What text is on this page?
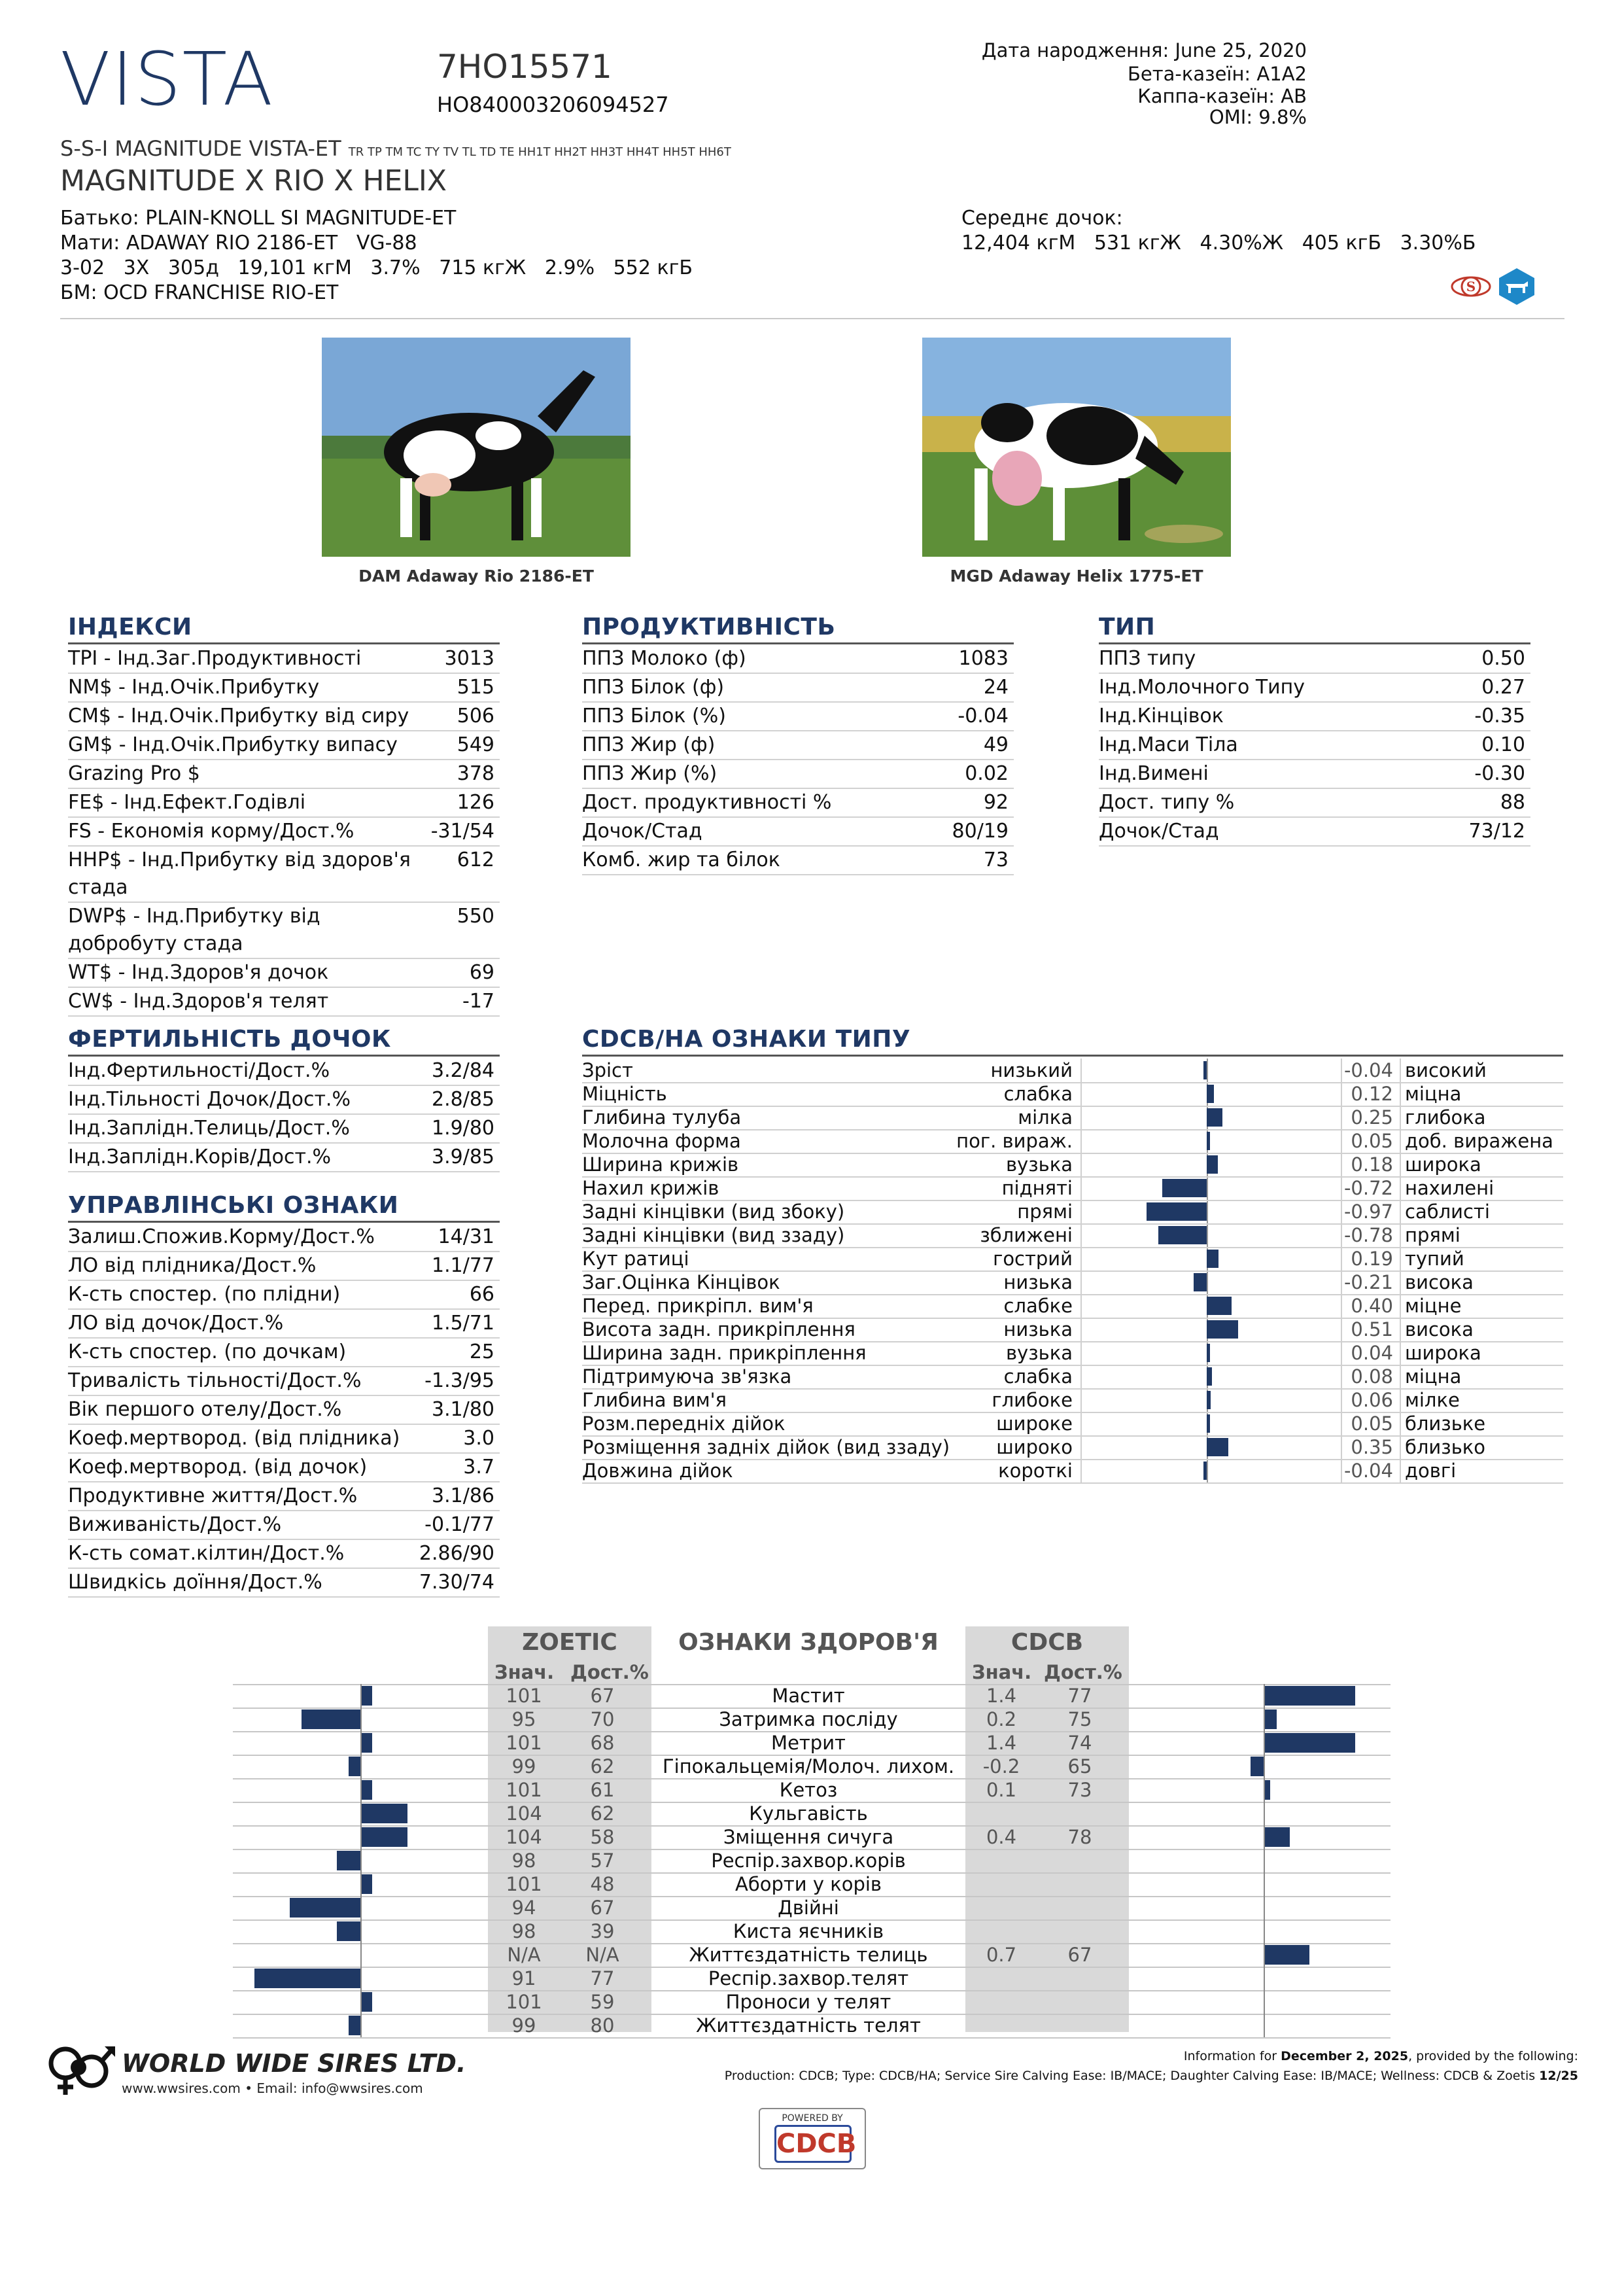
VISTA	7HO15571
HO840003206094527
Дата народження: June 25, 2020
Бета-казеїн: A1A2
Каппа-казеїн: AB
OMI: 9.8%
S-S-I MAGNITUDE VISTA-ET TR TP TM TC TY TV TL TD TE HH1T HH2T HH3T HH4T HH5T HH6T
MAGNITUDE X RIO X HELIX
Батько: PLAIN-KNOLL SI MAGNITUDE-ET
Мати: ADAWAY RIO 2186-ET   VG-88
3-02   3X   305д   19,101 кгМ   3.7%   715 кгЖ   2.9%   552 кгБ
БМ: OCD FRANCHISE RIO-ET
Середнє дочок:
12,404 кгМ   531 кгЖ   4.30%Ж   405 кгБ   3.30%Б
S
DAM Adaway Rio 2186-ET	MGD Adaway Helix 1775-ET
ІНДЕКСИ
TPI - Інд.Заг.Продуктивності	3013
NM$ - Інд.Очік.Прибутку	515
CM$ - Інд.Очік.Прибутку від сиру	506
GM$ - Інд.Очік.Прибутку випасу	549
Grazing Pro $	378
FE$ - Інд.Ефект.Годівлі	126
FS - Економія корму/Дост.%	-31/54
HHP$ - Інд.Прибутку від здоров'я стада
612
DWP$ - Інд.Прибутку від добробуту стада
550
WT$ - Інд.Здоров'я дочок	69
CW$ - Інд.Здоров'я телят	-17
ПРОДУКТИВНІСТЬ
ППЗ Молоко (ф)	1083
ППЗ Білок (ф)	24
ППЗ Білок (%)	-0.04
ППЗ Жир (ф)	49
ППЗ Жир (%)	0.02
Дост. продуктивності %	92
Дочок/Стад	80/19
Комб. жир та білок	73
ТИП
ППЗ типу	0.50
Інд.Молочного Типу	0.27
Інд.Кінцівок	-0.35
Інд.Маси Тіла	0.10
Інд.Вимені	-0.30
Дост. типу %	88
Дочок/Стад	73/12
ФЕРТИЛЬНІСТЬ ДОЧОК
Інд.Фертильності/Дост.%	3.2/84
Інд.Тільності Дочок/Дост.%	2.8/85
Інд.Заплідн.Телиць/Дост.%	1.9/80
Інд.Заплідн.Корів/Дост.%	3.9/85
УПРАВЛІНСЬКІ ОЗНАКИ
Залиш.Спожив.Корму/Дост.%	14/31
ЛО від плідника/Дост.%	1.1/77
К-сть спостер. (по плідни)	66
ЛО від дочок/Дост.%	1.5/71
К-сть спостер. (по дочкам)	25
Тривалість тільності/Дост.%	-1.3/95
Вік першого отелу/Дост.%	3.1/80
Коеф.мертвород. (від плідника)	3.0
Коеф.мертвород. (від дочок)	3.7
Продуктивне життя/Дост.%	3.1/86
Виживаність/Дост.%	-0.1/77
К-сть сомат.кілтин/Дост.%	2.86/90
Швидкісь доїння/Дост.%	7.30/74
CDCB/НА ОЗНАКИ ТИПУ
Зріст	низький	-0.04 високий
Міцність	слабка	0.12 міцна
Глибина тулуба	мілка	0.25 глибока
Молочна форма	пог. вираж.	0.05 доб. виражена
Ширина крижів	вузька	0.18 широка
Нахил крижів	підняті	-0.72 нахилені
Задні кінцівки (вид збоку)	прямі	-0.97 саблисті
Задні кінцівки (вид ззаду)	зближені	-0.78 прямі
Кут ратиці	гострий	0.19 тупий
Заг.Оцінка Кінцівок	низька	-0.21 висока
Перед. прикріпл. вим'я	слабке	0.40 міцне
Висота задн. прикріплення	низька	0.51 висока
Ширина задн. прикріплення	вузька	0.04 широка
Підтримуюча зв'язка	слабка	0.08 міцна
Глибина вим'я	глибоке	0.06 мілке
Розм.передніх дійок	широке	0.05 близьке
Розміщення задніх дійок (вид ззаду) широко	0.35 близько
Довжина дійок	короткі	-0.04 довгі
ZOETIC	ОЗНАКИ ЗДОРОВ'Я	CDCB
Знач. Дост.%	Знач. Дост.%
101	67	Мастит	1.4	77
95	70	Затримка посліду	0.2	75
101	68	Метрит	1.4	74
99	62	Гіпокальцемія/Молоч. лихом.	-0.2	65
101	61	Кетоз	0.1	73
104	62	Кульгавість
104	58	Зміщення сичуга	0.4	78
98	57	Респір.захвор.корів
101	48	Аборти у корів
94	67	Двійні
98	39	Киста яєчників
N/A	N/A	Життєздатність телиць	0.7	67
91	77	Респір.захвор.телят
101	59	Проноси у телят
99	80	Життєздатність телят
WORLD WIDE SIRES LTD.
www.wwsires.com • Email: info@wwsires.com
Information for December 2, 2025, provided by the following:
Production: CDCB; Type: CDCB/HA; Service Sire Calving Ease: IB/MACE; Daughter Calving Ease: IB/MACE; Wellness: CDCB & Zoetis 12/25
POWERED BY
CDCB
